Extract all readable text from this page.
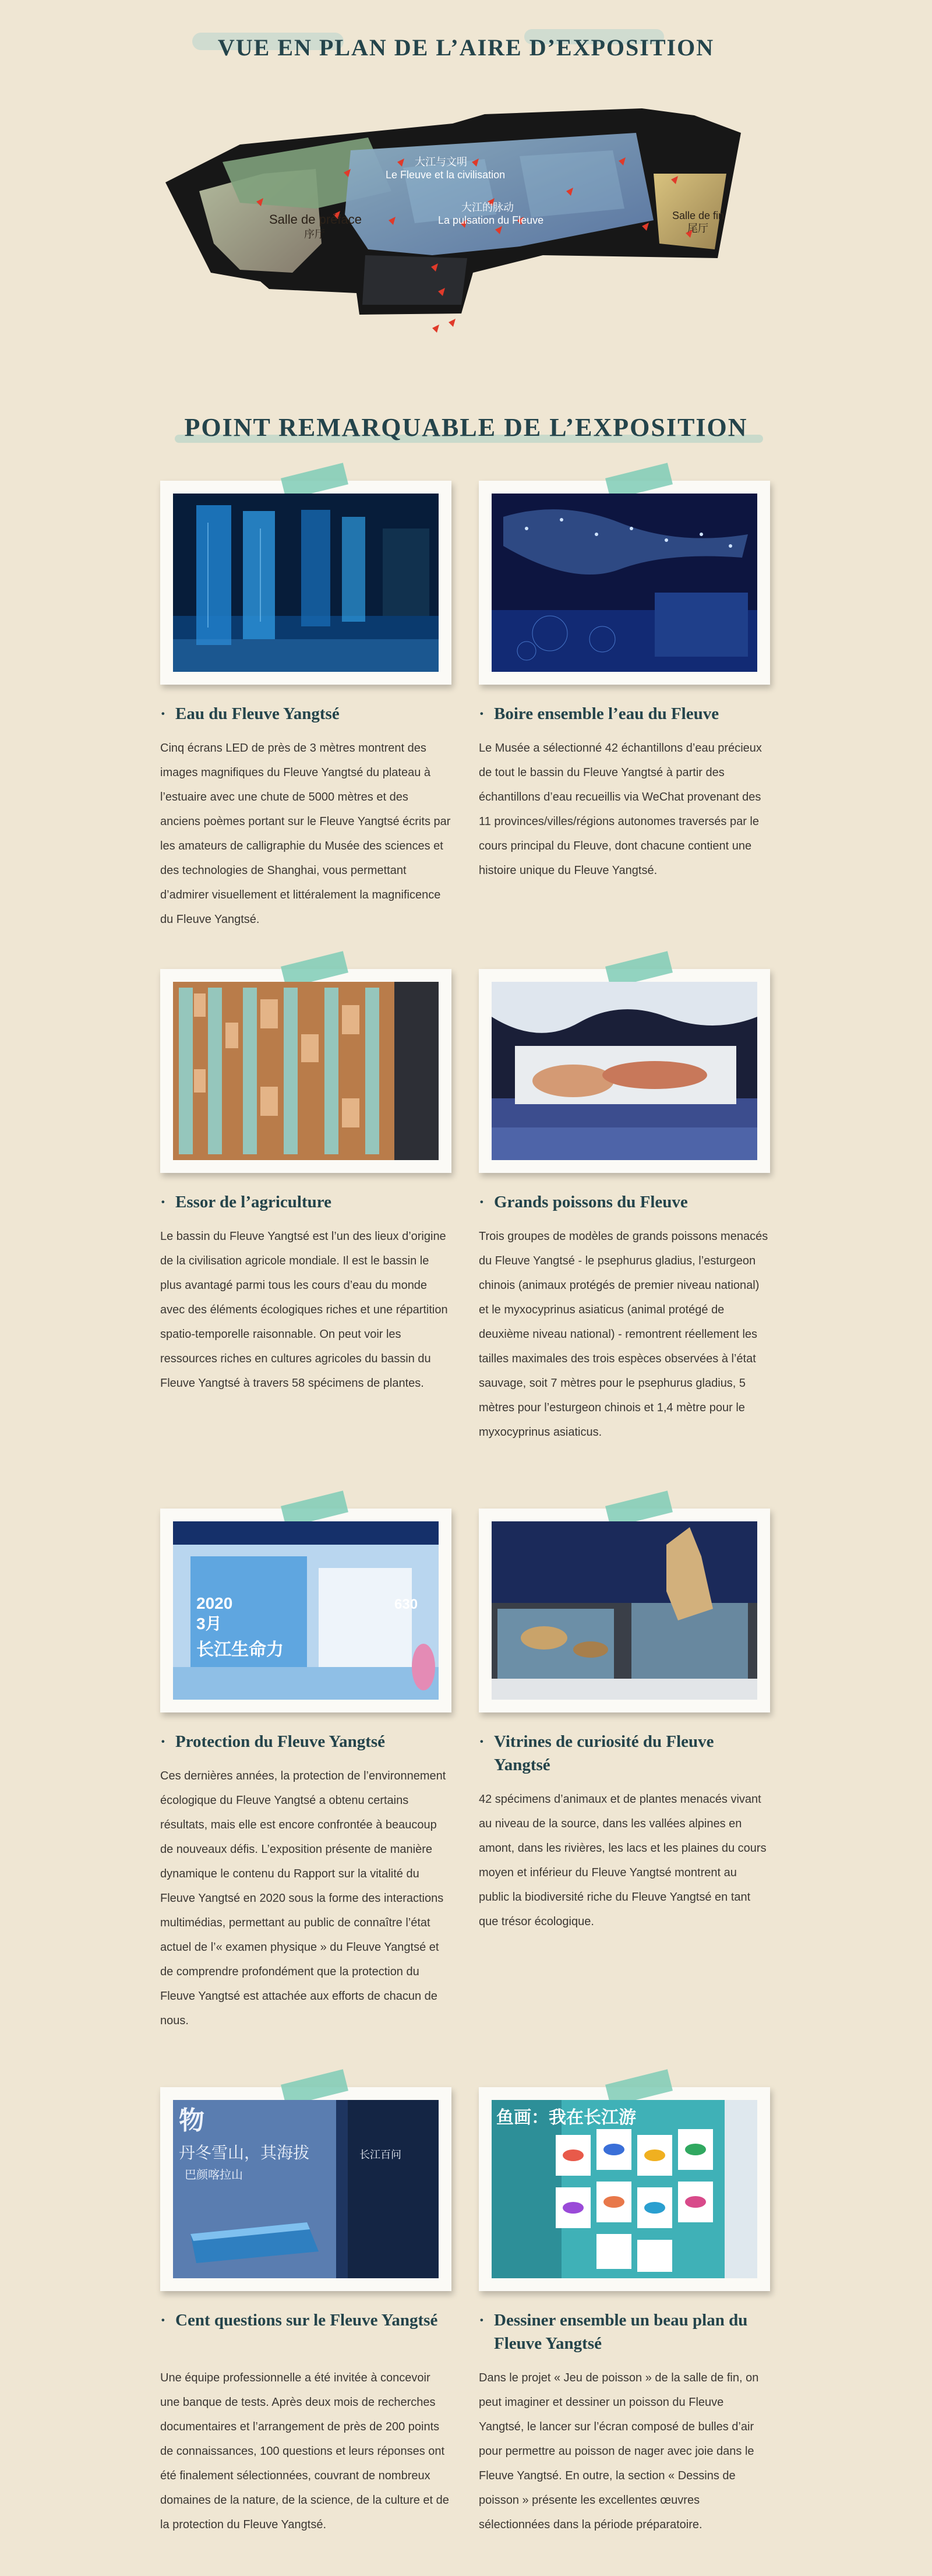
VUE EN PLAN DE L’AIRE D’EXPOSITION
Salle de préface
序厅
大江与文明
Le Fleuve et la civilisation
大江的脉动
La pulsation du Fleuve	Salle de fin
尾厅
POINT REMARQUABLE DE L’EXPOSITION
· Eau du Fleuve Yangtsé

Cinq écrans LED de près de 3 mètres montrent des images magnifiques du Fleuve Yangtsé du plateau à l’estuaire avec une chute de 5000 mètres et des anciens poèmes portant sur le Fleuve Yangtsé écrits par les amateurs de calligraphie du Musée des sciences et des technologies de Shanghai, vous permettant d’admirer visuellement et littéralement la magnificence du Fleuve Yangtsé.

· Boire ensemble l’eau du Fleuve

Le Musée a sélectionné 42 échantillons d’eau précieux de tout le bassin du Fleuve Yangtsé à partir des échantillons d’eau recueillis via WeChat provenant des 11 provinces/villes/régions autonomes traversés par le cours principal du Fleuve, dont chacune contient une histoire unique du Fleuve Yangtsé.

· Essor de l’agriculture

Le bassin du Fleuve Yangtsé est l’un des lieux d’origine de la civilisation agricole mondiale. Il est le bassin le plus avantagé parmi tous les cours d’eau du monde avec des éléments écologiques riches et une répartition spatio-temporelle raisonnable. On peut voir les ressources riches en cultures agricoles du bassin du Fleuve Yangtsé à travers 58 spécimens de plantes.

· Grands poissons du Fleuve

Trois groupes de modèles de grands poissons menacés du Fleuve Yangtsé - le psephurus gladius, l’esturgeon chinois (animaux protégés de premier niveau national) et le myxocyprinus asiaticus (animal protégé de deuxième niveau national) - remontrent réellement les tailles maximales des trois espèces observées à l’état sauvage, soit 7 mètres pour le psephurus gladius, 5 mètres pour l’esturgeon chinois et 1,4 mètre pour le myxocyprinus asiaticus.

2020
3月
长江生命力
630
· Protection du Fleuve Yangtsé

Ces dernières années, la protection de l’environnement écologique du Fleuve Yangtsé a obtenu certains résultats, mais elle est encore confrontée à beaucoup de nouveaux défis. L’exposition présente de manière dynamique le contenu du Rapport sur la vitalité du Fleuve Yangtsé en 2020 sous la forme des interactions multimédias, permettant au public de connaître l’état actuel de l’« examen physique » du Fleuve Yangtsé et de comprendre profondément que la protection du Fleuve Yangtsé est attachée aux efforts de chacun de nous.

· Vitrines de curiosité du Fleuve Yangtsé

42 spécimens d’animaux et de plantes menacés vivant au niveau de la source, dans les vallées alpines en amont, dans les rivières, les lacs et les plaines du cours moyen et inférieur du Fleuve Yangtsé montrent au public la biodiversité riche du Fleuve Yangtsé en tant que trésor écologique.

物
丹冬雪山，其海拔
巴颜喀拉山
长江百问
· Cent questions sur le Fleuve Yangtsé

Une équipe professionnelle a été invitée à concevoir une banque de tests. Après deux mois de recherches documentaires et l’arrangement de près de 200 points de connaissances, 100 questions et leurs réponses ont été finalement sélectionnées, couvrant de nombreux domaines de la nature, de la science, de la culture et de la protection du Fleuve Yangtsé.

鱼画：我在长江游
· Dessiner ensemble un beau plan du Fleuve Yangtsé

Dans le projet « Jeu de poisson » de la salle de fin, on peut imaginer et dessiner un poisson du Fleuve Yangtsé, le lancer sur l’écran composé de bulles d’air pour permettre au poisson de nager avec joie dans le Fleuve Yangtsé. En outre, la section « Dessins de poisson » présente les excellentes œuvres sélectionnées dans la période préparatoire.
